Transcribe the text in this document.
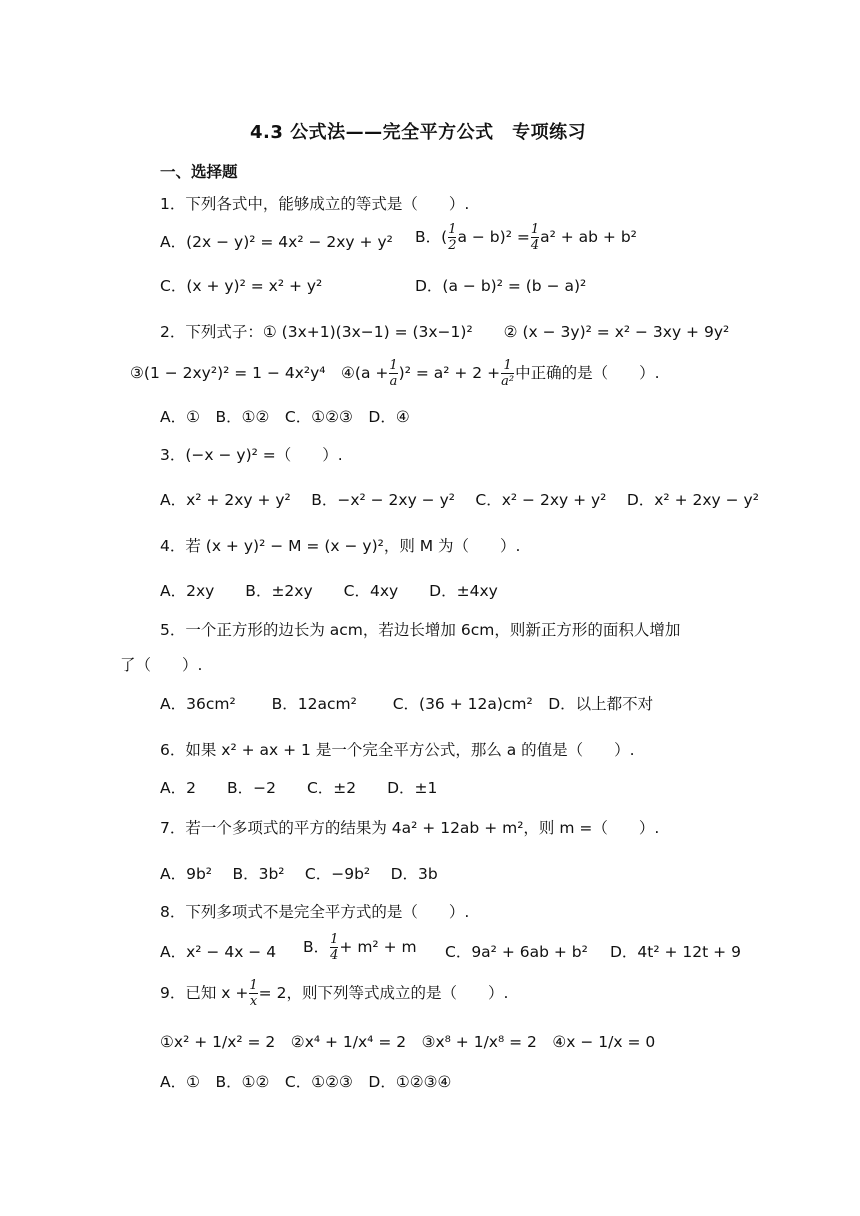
4.3 公式法——完全平方公式　专项练习
一、选择题
1．下列各式中，能够成立的等式是（　　）.
A．(2x − y)² = 4x² − 2xy + y² B．( $\frac{1}{2}$ $a - b)^2 = \frac{1}{4} a^2$ + ab + b²
C．(x + y)² = x² + y²	D．(a − b)² = (b − a)²
2．下列式子：① (3x+1)(3x−1) = (3x−1)²　　② (x − 3y)² = x² − 3xy + 9y²
③(1 − 2xy²)² = 1 − 4x²y⁴　④(a + $\frac{1}{a} )^2 = a^2 + 2 + \frac{1}{\text{a²}}$ 中正确的是（　　）.
A．①　B．①②　C．①②③　D．④
3．(−x − y)² =（　　）.
A．x² + 2xy + y²　 B．−x² − 2xy − y²　 C．x² − 2xy + y²　 D．x² + 2xy − y²
4．若 (x + y)² − M = (x − y)²，则 M 为（　　）.
A．2xy　　B．±2xy　　C．4xy　　D．±4xy
5．一个正方形的边长为 acm，若边长增加 6cm，则新正方形的面积人增加
了（　　）.
A．36cm²　　 B．12acm²　　 C．(36 + 12a)cm²　D．以上都不对
6．如果 x² + ax + 1 是一个完全平方公式，那么 a 的值是（　　）.
A．2　　B．−2　　C．±2　　D．±1
7．若一个多项式的平方的结果为 4a² + 12ab + m²，则 m =（　　）.
A．9b²　 B．3b²　 C．−9b²　 D．3b
8．下列多项式不是完全平方式的是（　　）.
A．x² − 4x − 4 B． $\frac{1}{4} + m^2 + m$ C．9a² + 6ab + b² D．4t² + 12t + 9
9．已知 $x + \frac{1}{x} = 2$，则下列等式成立的是（　　）.
①x² + 1/x² = 2　②x⁴ + 1/x⁴ = 2　③x⁸ + 1/x⁸ = 2　④x − 1/x = 0
A．①　B．①②　C．①②③　D．①②③④
